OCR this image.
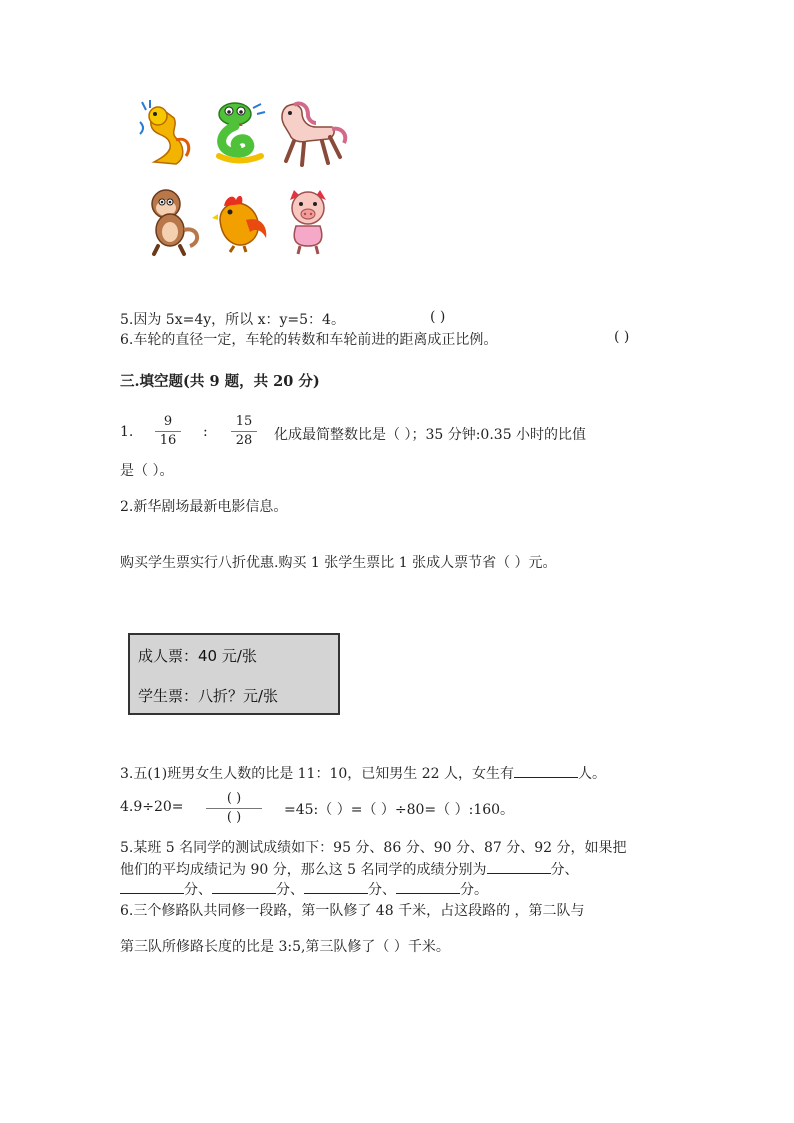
5.因为 5x=4y，所以 x：y=5：4。	( )
6.车轮的直径一定，车轮的转数和车轮前进的距离成正比例。	( )
三.填空题(共 9 题，共 20 分)
1.
9
16
:
15
28	化成最简整数比是（ ）；35 分钟:0.35 小时的比值
是（ ）。
2.新华剧场最新电影信息。
购买学生票实行八折优惠.购买 1 张学生票比 1 张成人票节省（ ）元。
成人票：40 元/张
学生票：八折？元/张
3.五(1)班男女生人数的比是 11：10，已知男生 22 人，女生有	人。
4.9÷20=
( )
( )	=45:（ ）=（ ）÷80=（ ）:160。
5.某班 5 名同学的测试成绩如下：95 分、86 分、90 分、87 分、92 分，如果把
他们的平均成绩记为 90 分，那么这 5 名同学的成绩分别为	分、
分、	分、	分、	分。
6.三个修路队共同修一段路，第一队修了 48 千米，占这段路的 ，第二队与
第三队所修路长度的比是 3:5,第三队修了（ ）千米。
